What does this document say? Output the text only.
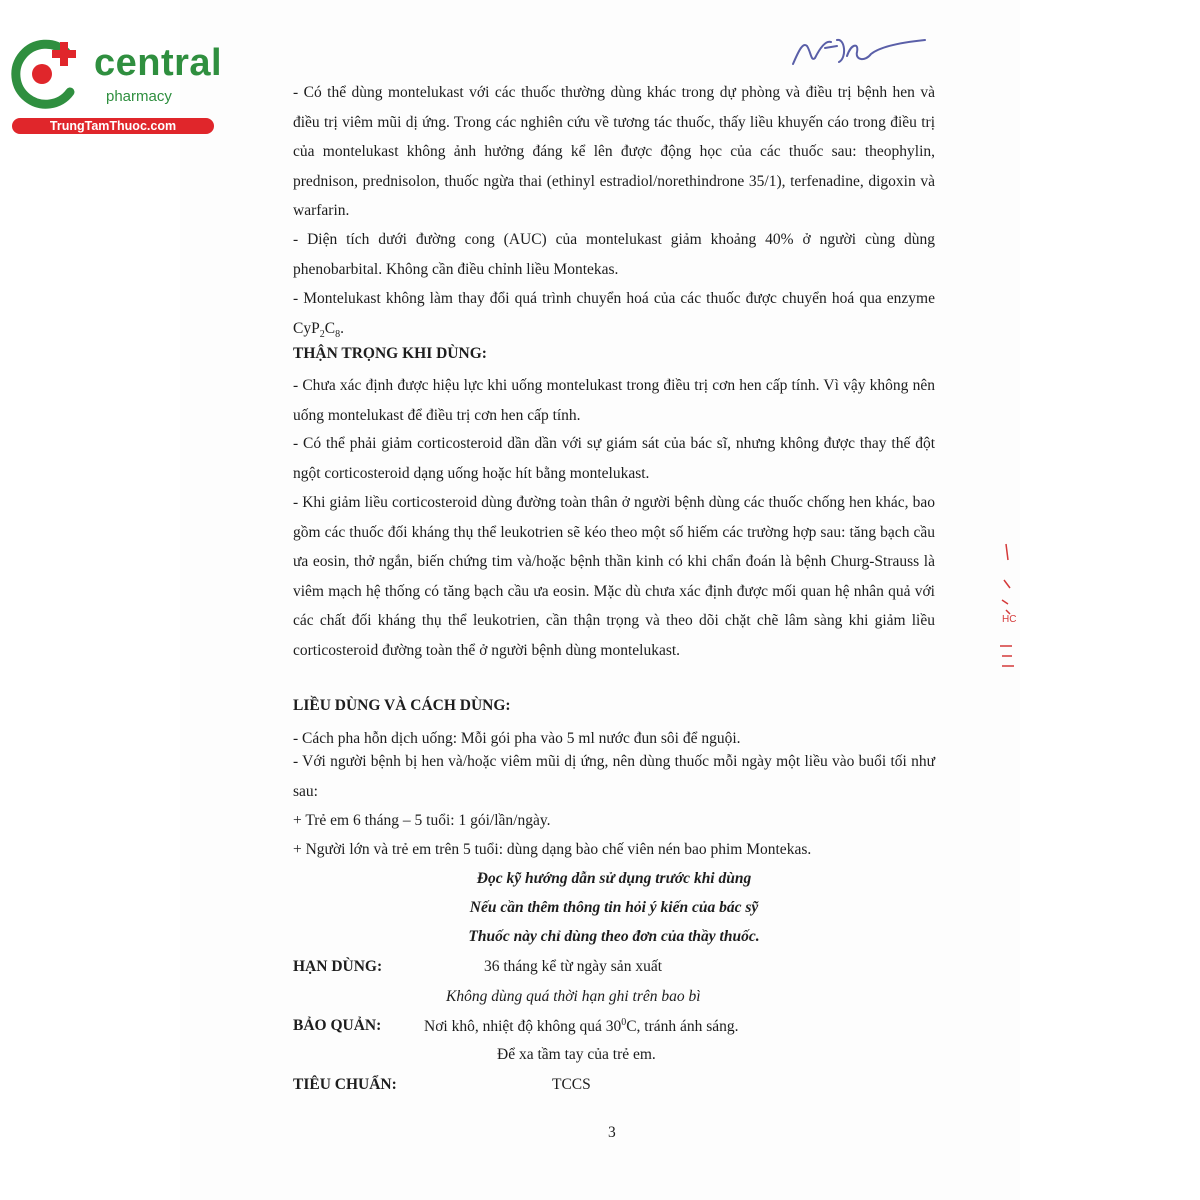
central
pharmacy
TrungTamThuoc.com
HC

- Có thể dùng montelukast với các thuốc thường dùng khác trong dự phòng và điều trị bệnh hen và điều trị viêm mũi dị ứng. Trong các nghiên cứu về tương tác thuốc, thấy liều khuyến cáo trong điều trị của montelukast không ảnh hưởng đáng kể lên được động học của các thuốc sau: theophylin, prednison, prednisolon, thuốc ngừa thai (ethinyl estradiol/norethindrone 35/1), terfenadine, digoxin và warfarin.

- Diện tích dưới đường cong (AUC) của montelukast giảm khoảng 40% ở người cùng dùng phenobarbital. Không cần điều chỉnh liều Montekas.

- Montelukast không làm thay đổi quá trình chuyển hoá của các thuốc được chuyển hoá qua enzyme $CyP_2C_8$.

THẬN TRỌNG KHI DÙNG:

- Chưa xác định được hiệu lực khi uống montelukast trong điều trị cơn hen cấp tính. Vì vậy không nên uống montelukast để điều trị cơn hen cấp tính.

- Có thể phải giảm corticosteroid dần dần với sự giám sát của bác sĩ, nhưng không được thay thế đột ngột corticosteroid dạng uống hoặc hít bằng montelukast.

- Khi giảm liều corticosteroid dùng đường toàn thân ở người bệnh dùng các thuốc chống hen khác, bao gồm các thuốc đối kháng thụ thể leukotrien sẽ kéo theo một số hiếm các trường hợp sau: tăng bạch cầu ưa eosin, thở ngắn, biến chứng tim và/hoặc bệnh thần kinh có khi chẩn đoán là bệnh Churg-Strauss là viêm mạch hệ thống có tăng bạch cầu ưa eosin. Mặc dù chưa xác định được mối quan hệ nhân quả với các chất đối kháng thụ thể leukotrien, cần thận trọng và theo dõi chặt chẽ lâm sàng khi giảm liều corticosteroid đường toàn thể ở người bệnh dùng montelukast.

LIỀU DÙNG VÀ CÁCH DÙNG:

- Cách pha hỗn dịch uống: Mỗi gói pha vào 5 ml nước đun sôi để nguội.

- Với người bệnh bị hen và/hoặc viêm mũi dị ứng, nên dùng thuốc mỗi ngày một liều vào buổi tối như sau:

+ Trẻ em 6 tháng – 5 tuổi: 1 gói/lần/ngày.

+ Người lớn và trẻ em trên 5 tuổi: dùng dạng bào chế viên nén bao phim Montekas.

Đọc kỹ hướng dẫn sử dụng trước khi dùng

Nếu cần thêm thông tin hỏi ý kiến của bác sỹ

Thuốc này chỉ dùng theo đơn của thầy thuốc.

HẠN DÙNG:	36 tháng kể từ ngày sản xuất

Không dùng quá thời hạn ghi trên bao bì

BẢO QUẢN:	Nơi khô, nhiệt độ không quá $30^0C$, tránh ánh sáng.

Để xa tầm tay của trẻ em.

TIÊU CHUẨN:	TCCS

3
